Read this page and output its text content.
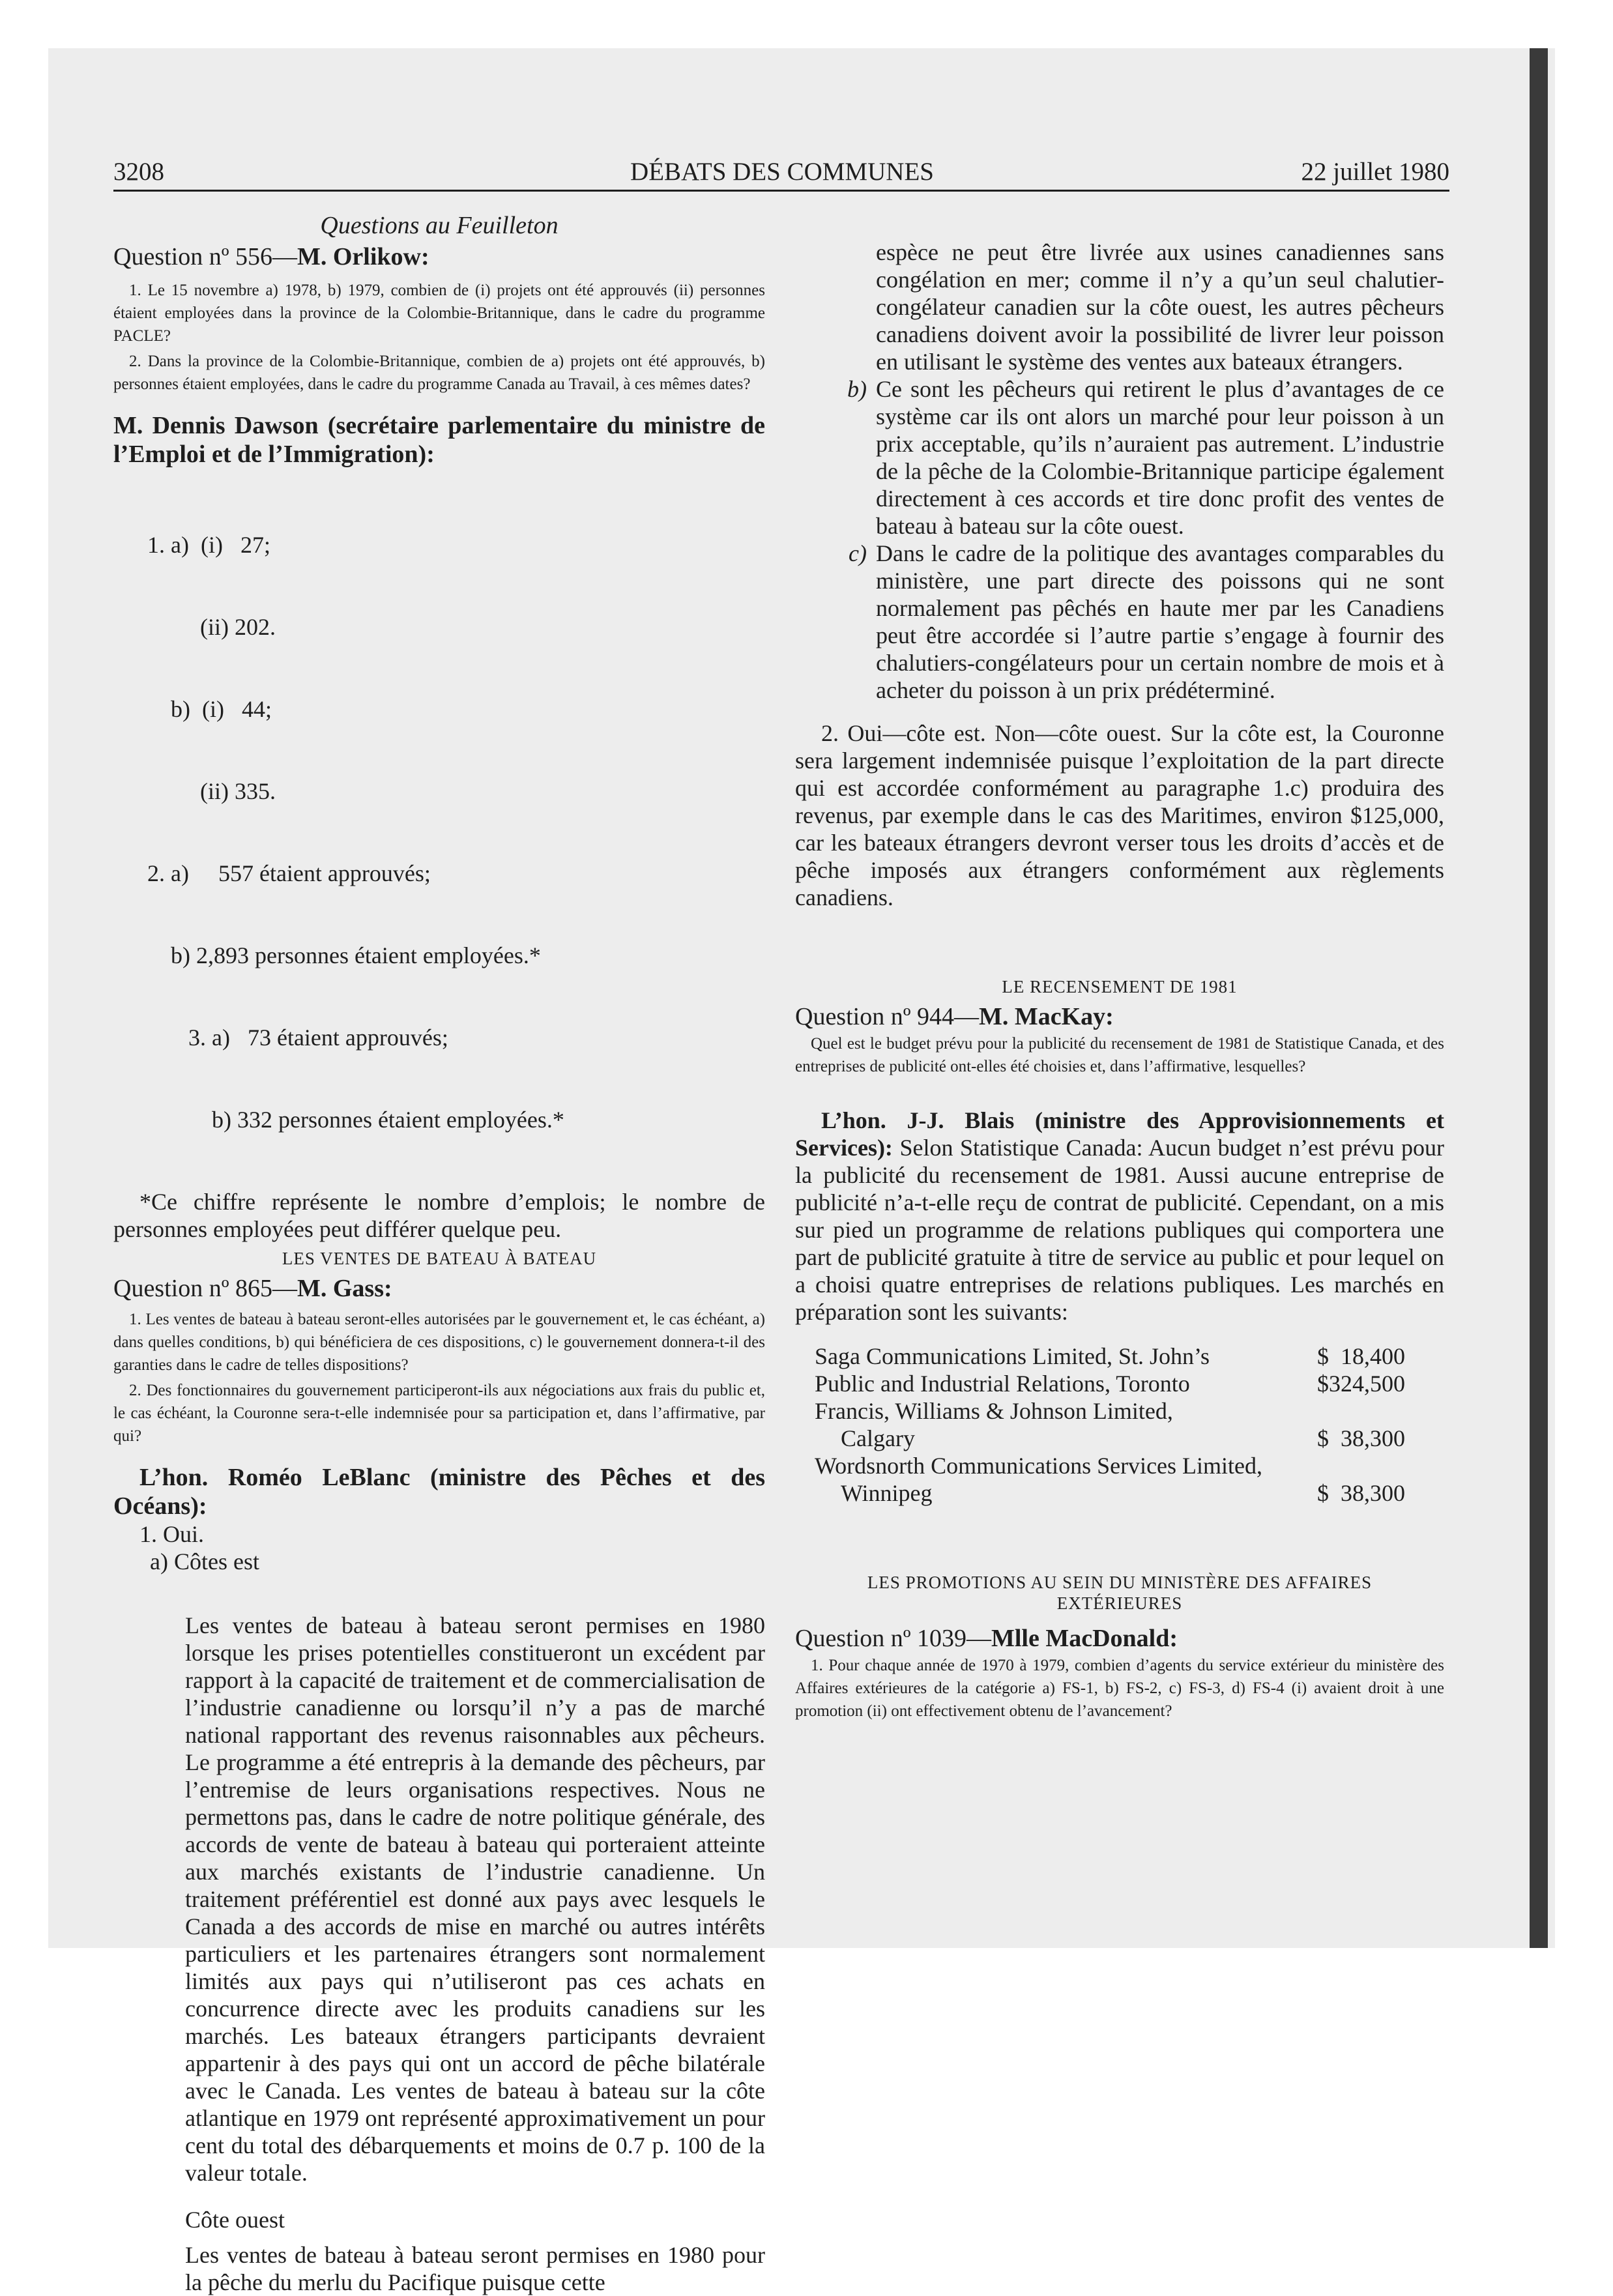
3208	DÉBATS DES COMMUNES	22 juillet 1980

Questions au Feuilleton

Question nº 556—M. Orlikow:

1. Le 15 novembre a) 1978, b) 1979, combien de (i) projets ont été approuvés (ii) personnes étaient employées dans la province de la Colombie-Britannique, dans le cadre du programme PACLE?

2. Dans la province de la Colombie-Britannique, combien de a) projets ont été approuvés, b) personnes étaient employées, dans le cadre du programme Canada au Travail, à ces mêmes dates?

M. Dennis Dawson (secrétaire parlementaire du ministre de l’Emploi et de l’Immigration):

1. a)  (i)   27;

(ii) 202.

b)  (i)   44;

(ii) 335.

2. a)     557 étaient approuvés;

b) 2,893 personnes étaient employées.*

3. a)   73 étaient approuvés;

b) 332 personnes étaient employées.*

*Ce chiffre représente le nombre d’emplois; le nombre de personnes employées peut différer quelque peu.

LES VENTES DE BATEAU À BATEAU

Question nº 865—M. Gass:

1. Les ventes de bateau à bateau seront-elles autorisées par le gouvernement et, le cas échéant, a) dans quelles conditions, b) qui bénéficiera de ces dispositions, c) le gouvernement donnera-t-il des garanties dans le cadre de telles dispositions?

2. Des fonctionnaires du gouvernement participeront-ils aux négociations aux frais du public et, le cas échéant, la Couronne sera-t-elle indemnisée pour sa participation et, dans l’affirmative, par qui?

L’hon. Roméo LeBlanc (ministre des Pêches et des Océans):

1. Oui.

a) Côtes est

Les ventes de bateau à bateau seront permises en 1980 lorsque les prises potentielles constitueront un excédent par rapport à la capacité de traitement et de commercialisation de l’industrie canadienne ou lorsqu’il n’y a pas de marché national rapportant des revenus raisonnables aux pêcheurs. Le programme a été entrepris à la demande des pêcheurs, par l’entremise de leurs organisations respectives. Nous ne permettons pas, dans le cadre de notre politique générale, des accords de vente de bateau à bateau qui porteraient atteinte aux marchés existants de l’industrie canadienne. Un traitement préférentiel est donné aux pays avec lesquels le Canada a des accords de mise en marché ou autres intérêts particuliers et les partenaires étrangers sont normalement limités aux pays qui n’utiliseront pas ces achats en concurrence directe avec les produits canadiens sur les marchés. Les bateaux étrangers participants devraient appartenir à des pays qui ont un accord de pêche bilatérale avec le Canada. Les ventes de bateau à bateau sur la côte atlantique en 1979 ont représenté approximativement un pour cent du total des débarquements et moins de 0.7 p. 100 de la valeur totale.

Côte ouest

Les ventes de bateau à bateau seront permises en 1980 pour la pêche du merlu du Pacifique puisque cette

espèce ne peut être livrée aux usines canadiennes sans congélation en mer; comme il n’y a qu’un seul chalutier-congélateur canadien sur la côte ouest, les autres pêcheurs canadiens doivent avoir la possibilité de livrer leur poisson en utilisant le système des ventes aux bateaux étrangers.
b) Ce sont les pêcheurs qui retirent le plus d’avantages de ce système car ils ont alors un marché pour leur poisson à un prix acceptable, qu’ils n’auraient pas autrement. L’industrie de la pêche de la Colombie-Britannique participe également directement à ces accords et tire donc profit des ventes de bateau à bateau sur la côte ouest.
c) Dans le cadre de la politique des avantages comparables du ministère, une part directe des poissons qui ne sont normalement pas pêchés en haute mer par les Canadiens peut être accordée si l’autre partie s’engage à fournir des chalutiers-congélateurs pour un certain nombre de mois et à acheter du poisson à un prix prédéterminé.

2. Oui—côte est. Non—côte ouest. Sur la côte est, la Couronne sera largement indemnisée puisque l’exploitation de la part directe qui est accordée conformément au paragraphe 1.c) produira des revenus, par exemple dans le cas des Maritimes, environ $125,000, car les bateaux étrangers devront verser tous les droits d’accès et de pêche imposés aux étrangers conformément aux règlements canadiens.

LE RECENSEMENT DE 1981

Question nº 944—M. MacKay:

Quel est le budget prévu pour la publicité du recensement de 1981 de Statistique Canada, et des entreprises de publicité ont-elles été choisies et, dans l’affirmative, lesquelles?

L’hon. J-J. Blais (ministre des Approvisionnements et Services): Selon Statistique Canada: Aucun budget n’est prévu pour la publicité du recensement de 1981. Aussi aucune entreprise de publicité n’a-t-elle reçu de contrat de publicité. Cependant, on a mis sur pied un programme de relations publiques qui comportera une part de publicité gratuite à titre de service au public et pour lequel on a choisi quatre entreprises de relations publiques. Les marchés en préparation sont les suivants:

Saga Communications Limited, St. John’s	$  18,400
Public and Industrial Relations, Toronto	$324,500
Francis, Williams & Johnson Limited,
Calgary	$  38,300
Wordsnorth Communications Services Limited,
Winnipeg	$  38,300

LES PROMOTIONS AU SEIN DU MINISTÈRE DES AFFAIRES EXTÉRIEURES

Question nº 1039—Mlle MacDonald:

1. Pour chaque année de 1970 à 1979, combien d’agents du service extérieur du ministère des Affaires extérieures de la catégorie a) FS-1, b) FS-2, c) FS-3, d) FS-4 (i) avaient droit à une promotion (ii) ont effectivement obtenu de l’avancement?
